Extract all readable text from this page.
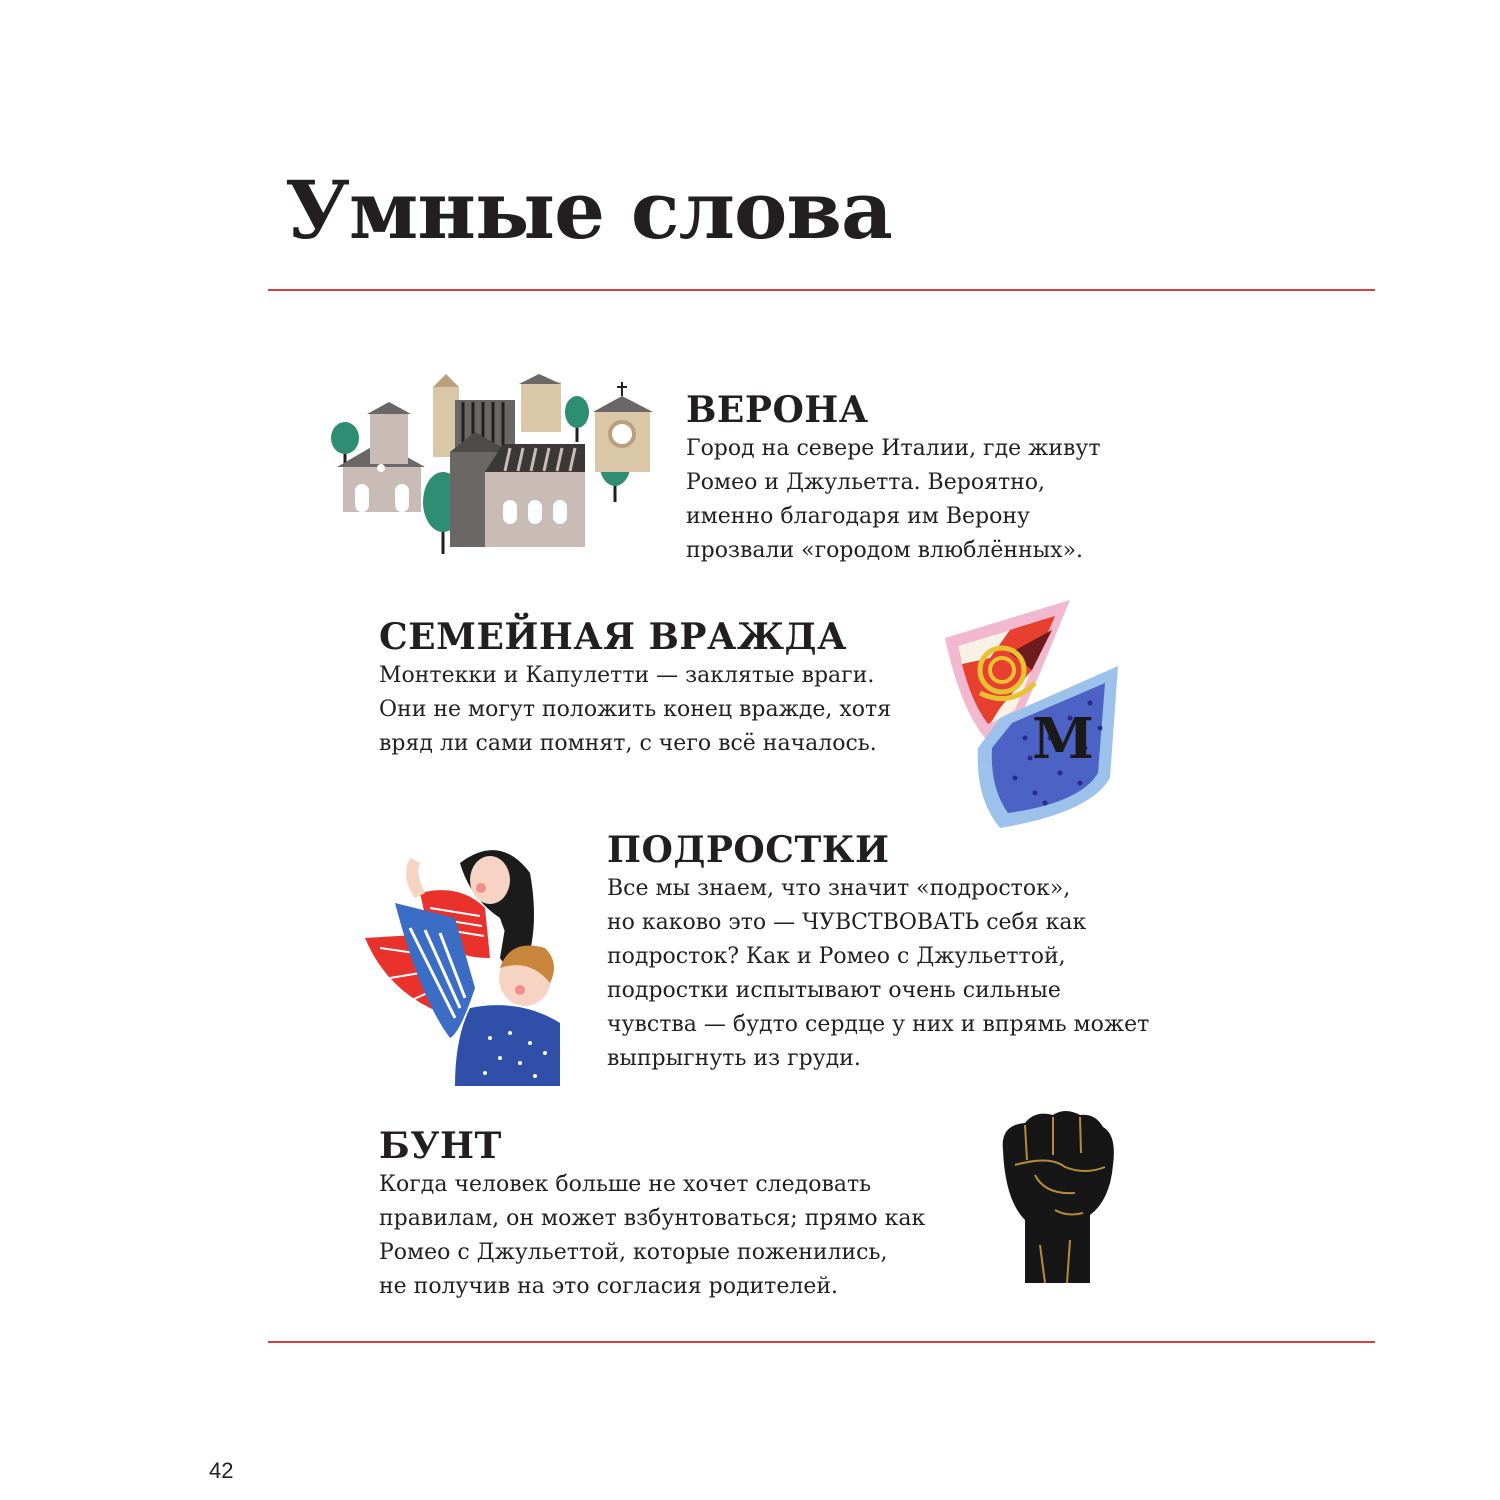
Умные слова
ВЕРОНА
Город на севере Италии, где живут
Ромео и Джульетта. Вероятно,
именно благодаря им Верону
прозвали «городом влюблённых».
СЕМЕЙНАЯ ВРАЖДА
Монтекки и Капулетти — заклятые враги.
Они не могут положить конец вражде, хотя
вряд ли сами помнят, с чего всё началось.	M
ПОДРОСТКИ
Все мы знаем, что значит «подросток»,
но каково это — ЧУВСТВОВАТЬ себя как
подросток? Как и Ромео с Джульеттой,
подростки испытывают очень сильные
чувства — будто сердце у них и впрямь может
выпрыгнуть из груди.
БУНТ
Когда человек больше не хочет следовать
правилам, он может взбунтоваться; прямо как
Ромео с Джульеттой, которые поженились,
не получив на это согласия родителей.
42
